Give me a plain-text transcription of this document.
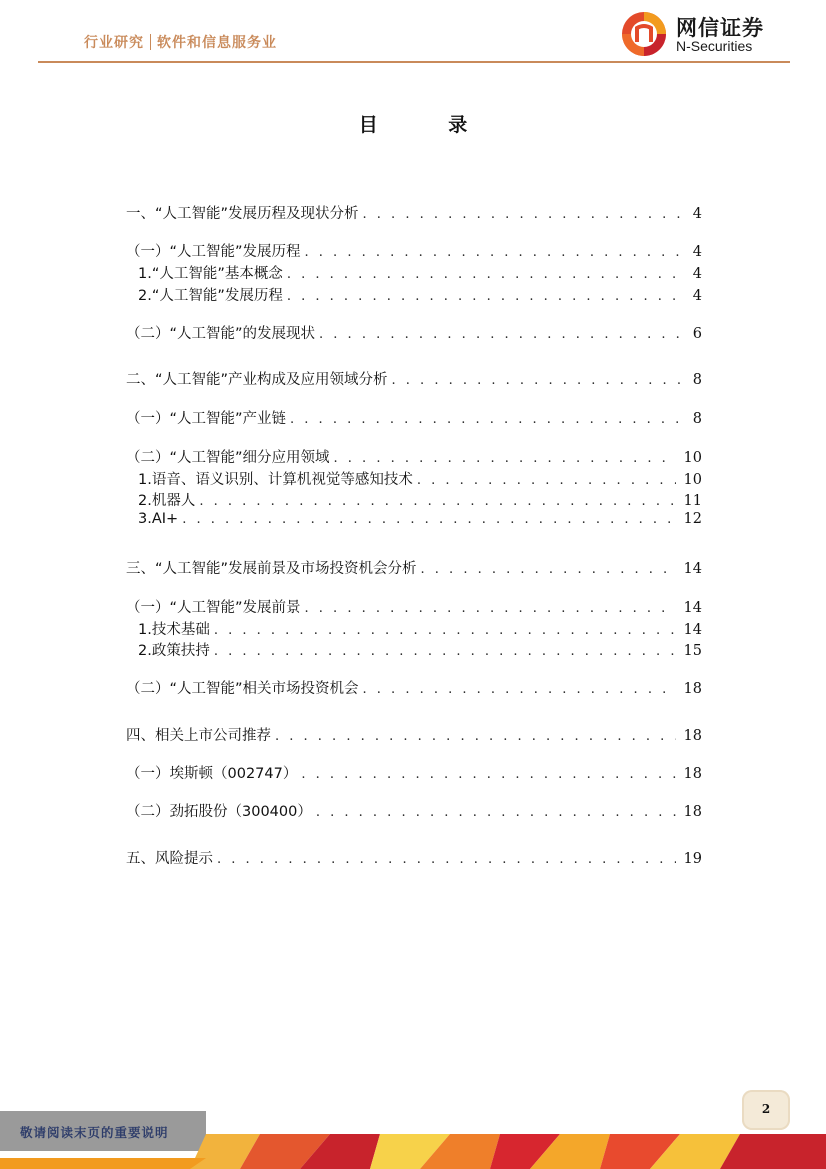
行业研究 软件和信息服务业
网信证券
N-Securities
目 录
一、“人工智能”发展历程及现状分析 . . .	4
（一）“人工智能”发展历程 . . .	4
1.“人工智能”基本概念 . . .	4
2.“人工智能”发展历程 . . .	4
（二）“人工智能”的发展现状 . . .	6
二、“人工智能”产业构成及应用领域分析 . . .	8
（一）“人工智能”产业链 . . .	8
（二）“人工智能”细分应用领域 . . .	10
1.语音、语义识别、计算机视觉等感知技术 . . .	10
2.机器人 . . .	11
3.AI+ . . .	12
三、“人工智能”发展前景及市场投资机会分析 . . .	14
（一）“人工智能”发展前景 . . .	14
1.技术基础 . . .	14
2.政策扶持 . . .	15
（二）“人工智能”相关市场投资机会 . . .	18
四、相关上市公司推荐 . . .	18
（一）埃斯顿（002747） . . .	18
（二）劲拓股份（300400） . . .	18
五、风险提示 . . .	19
2
敬请阅读末页的重要说明
